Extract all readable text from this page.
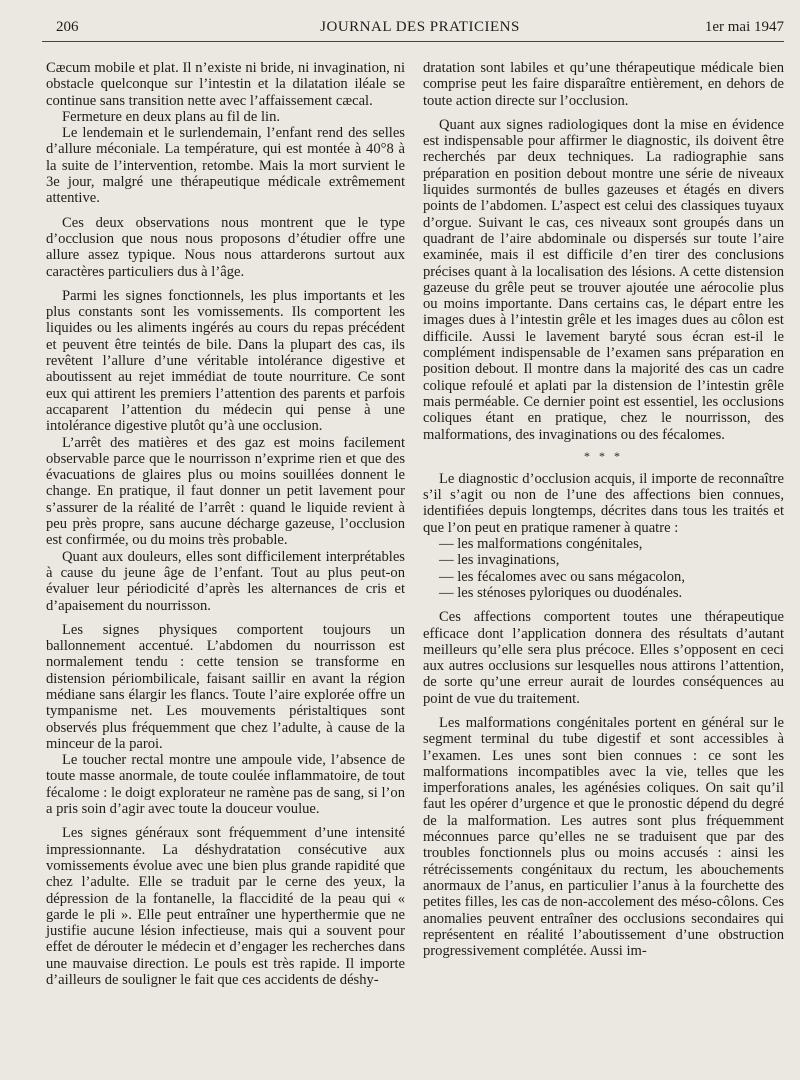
206	JOURNAL DES PRATICIENS	1er mai 1947

Cæcum mobile et plat. Il n’existe ni bride, ni invagination, ni obstacle quelconque sur l’intestin et la dilatation iléale se continue sans transition nette avec l’affaissement cæcal.

Fermeture en deux plans au fil de lin.

Le lendemain et le surlendemain, l’enfant rend des selles d’allure méconiale. La température, qui est montée à 40°8 à la suite de l’intervention, retombe. Mais la mort survient le 3e jour, malgré une thérapeutique médicale extrêmement attentive.

Ces deux observations nous montrent que le type d’occlusion que nous nous proposons d’étudier offre une allure assez typique. Nous nous attarderons surtout aux caractères particuliers dus à l’âge.

Parmi les signes fonctionnels, les plus importants et les plus constants sont les vomissements. Ils comportent les liquides ou les aliments ingérés au cours du repas précédent et peuvent être teintés de bile. Dans la plupart des cas, ils revêtent l’allure d’une véritable intolérance digestive et aboutissent au rejet immédiat de toute nourriture. Ce sont eux qui attirent les premiers l’attention des parents et parfois accaparent l’attention du médecin qui pense à une intolérance digestive plutôt qu’à une occlusion.

L’arrêt des matières et des gaz est moins facilement observable parce que le nourrisson n’exprime rien et que des évacuations de glaires plus ou moins souillées donnent le change. En pratique, il faut donner un petit lavement pour s’assurer de la réalité de l’arrêt : quand le liquide revient à peu près propre, sans aucune décharge gazeuse, l’occlusion est confirmée, ou du moins très probable.

Quant aux douleurs, elles sont difficilement interprétables à cause du jeune âge de l’enfant. Tout au plus peut-on évaluer leur périodicité d’après les alternances de cris et d’apaisement du nourrisson.

Les signes physiques comportent toujours un ballonnement accentué. L’abdomen du nourrisson est normalement tendu : cette tension se transforme en distension périombilicale, faisant saillir en avant la région médiane sans élargir les flancs. Toute l’aire explorée offre un tympanisme net. Les mouvements péristaltiques sont observés plus fréquemment que chez l’adulte, à cause de la minceur de la paroi.

Le toucher rectal montre une ampoule vide, l’absence de toute masse anormale, de toute coulée inflammatoire, de tout fécalome : le doigt explorateur ne ramène pas de sang, si l’on a pris soin d’agir avec toute la douceur voulue.

Les signes généraux sont fréquemment d’une intensité impressionnante. La déshydratation consécutive aux vomissements évolue avec une bien plus grande rapidité que chez l’adulte. Elle se traduit par le cerne des yeux, la dépression de la fontanelle, la flaccidité de la peau qui « garde le pli ». Elle peut entraîner une hyperthermie que ne justifie aucune lésion infectieuse, mais qui a souvent pour effet de dérouter le médecin et d’engager les recherches dans une mauvaise direction. Le pouls est très rapide. Il importe d’ailleurs de souligner le fait que ces accidents de déshy-

dratation sont labiles et qu’une thérapeutique médicale bien comprise peut les faire disparaître entièrement, en dehors de toute action directe sur l’occlusion.

Quant aux signes radiologiques dont la mise en évidence est indispensable pour affirmer le diagnostic, ils doivent être recherchés par deux techniques. La radiographie sans préparation en position debout montre une série de niveaux liquides surmontés de bulles gazeuses et étagés en divers points de l’abdomen. L’aspect est celui des classiques tuyaux d’orgue. Suivant le cas, ces niveaux sont groupés dans un quadrant de l’aire abdominale ou dispersés sur toute l’aire examinée, mais il est difficile d’en tirer des conclusions précises quant à la localisation des lésions. A cette distension gazeuse du grêle peut se trouver ajoutée une aérocolie plus ou moins importante. Dans certains cas, le départ entre les images dues à l’intestin grêle et les images dues au côlon est difficile. Aussi le lavement baryté sous écran est-il le complément indispensable de l’examen sans préparation en position debout. Il montre dans la majorité des cas un cadre colique refoulé et aplati par la distension de l’intestin grêle mais perméable. Ce dernier point est essentiel, les occlusions coliques étant en pratique, chez le nourrisson, des malformations, des invaginations ou des fécalomes.

* * *

Le diagnostic d’occlusion acquis, il importe de reconnaître s’il s’agit ou non de l’une des affections bien connues, identifiées depuis longtemps, décrites dans tous les traités et que l’on peut en pratique ramener à quatre :

— les malformations congénitales,
— les invaginations,
— les fécalomes avec ou sans mégacolon,
— les sténoses pyloriques ou duodénales.

Ces affections comportent toutes une thérapeutique efficace dont l’application donnera des résultats d’autant meilleurs qu’elle sera plus précoce. Elles s’opposent en ceci aux autres occlusions sur lesquelles nous attirons l’attention, de sorte qu’une erreur aurait de lourdes conséquences au point de vue du traitement.

Les malformations congénitales portent en général sur le segment terminal du tube digestif et sont accessibles à l’examen. Les unes sont bien connues : ce sont les malformations incompatibles avec la vie, telles que les imperforations anales, les agénésies coliques. On sait qu’il faut les opérer d’urgence et que le pronostic dépend du degré de la malformation. Les autres sont plus fréquemment méconnues parce qu’elles ne se traduisent que par des troubles fonctionnels plus ou moins accusés : ainsi les rétrécissements congénitaux du rectum, les abouchements anormaux de l’anus, en particulier l’anus à la fourchette des petites filles, les cas de non-accolement des méso-côlons. Ces anomalies peuvent entraîner des occlusions secondaires qui représentent en réalité l’aboutissement d’une obstruction progressivement complétée. Aussi im-
